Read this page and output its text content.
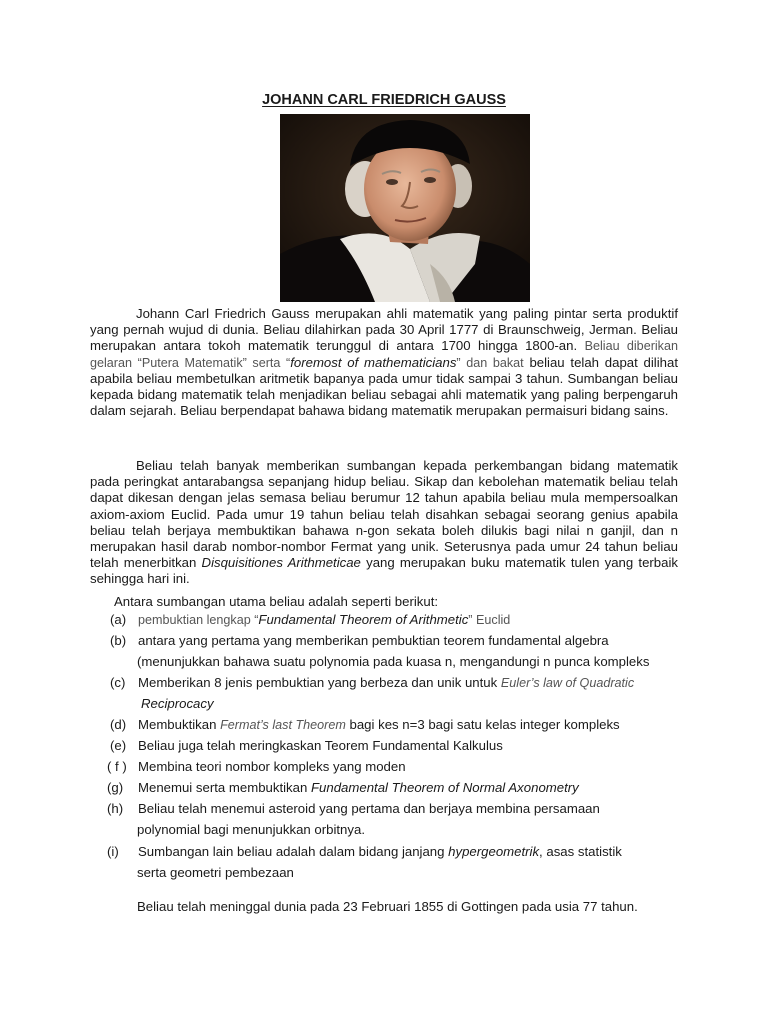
JOHANN CARL FRIEDRICH GAUSS

Johann Carl Friedrich Gauss merupakan ahli matematik yang paling pintar serta produktif yang pernah wujud di dunia. Beliau dilahirkan pada 30 April 1777 di Braunschweig, Jerman. Beliau merupakan antara tokoh matematik terunggul di antara 1700 hingga 1800-an. Beliau diberikan gelaran “Putera Matematik” serta “foremost of mathematicians” dan bakat beliau telah dapat dilihat apabila beliau membetulkan aritmetik bapanya pada umur tidak sampai 3 tahun. Sumbangan beliau kepada bidang matematik telah menjadikan beliau sebagai ahli matematik yang paling berpengaruh dalam sejarah. Beliau berpendapat bahawa bidang matematik merupakan permaisuri bidang sains.

Beliau telah banyak memberikan sumbangan kepada perkembangan bidang matematik pada peringkat antarabangsa sepanjang hidup beliau. Sikap dan kebolehan matematik beliau telah dapat dikesan dengan jelas semasa beliau berumur 12 tahun apabila beliau mula mempersoalkan axiom-axiom Euclid. Pada umur 19 tahun beliau telah disahkan sebagai seorang genius apabila beliau telah berjaya membuktikan bahawa n-gon sekata boleh dilukis bagi nilai n ganjil, dan n merupakan hasil darab nombor-nombor Fermat yang unik. Seterusnya pada umur 24 tahun beliau telah menerbitkan Disquisitiones Arithmeticae yang merupakan buku matematik tulen yang terbaik sehingga hari ini.

Antara sumbangan utama beliau adalah seperti berikut:
(a) pembuktian lengkap “Fundamental Theorem of Arithmetic” Euclid
(b) antara yang pertama yang memberikan pembuktian teorem fundamental algebra
(menunjukkan bahawa suatu polynomia pada kuasa n, mengandungi n punca kompleks
(c) Memberikan 8 jenis pembuktian yang berbeza dan unik untuk Euler’s law of Quadratic
Reciprocacy
(d) Membuktikan Fermat’s last Theorem bagi kes n=3 bagi satu kelas integer kompleks
(e) Beliau juga telah meringkaskan Teorem Fundamental Kalkulus
( f ) Membina teori nombor kompleks yang moden
(g) Menemui serta membuktikan Fundamental Theorem of Normal Axonometry
(h) Beliau telah menemui asteroid yang pertama dan berjaya membina persamaan
polynomial bagi menunjukkan orbitnya.
(i) Sumbangan lain beliau adalah dalam bidang janjang hypergeometrik, asas statistik
serta geometri pembezaan
Beliau telah meninggal dunia pada 23 Februari 1855 di Gottingen pada usia 77 tahun.
